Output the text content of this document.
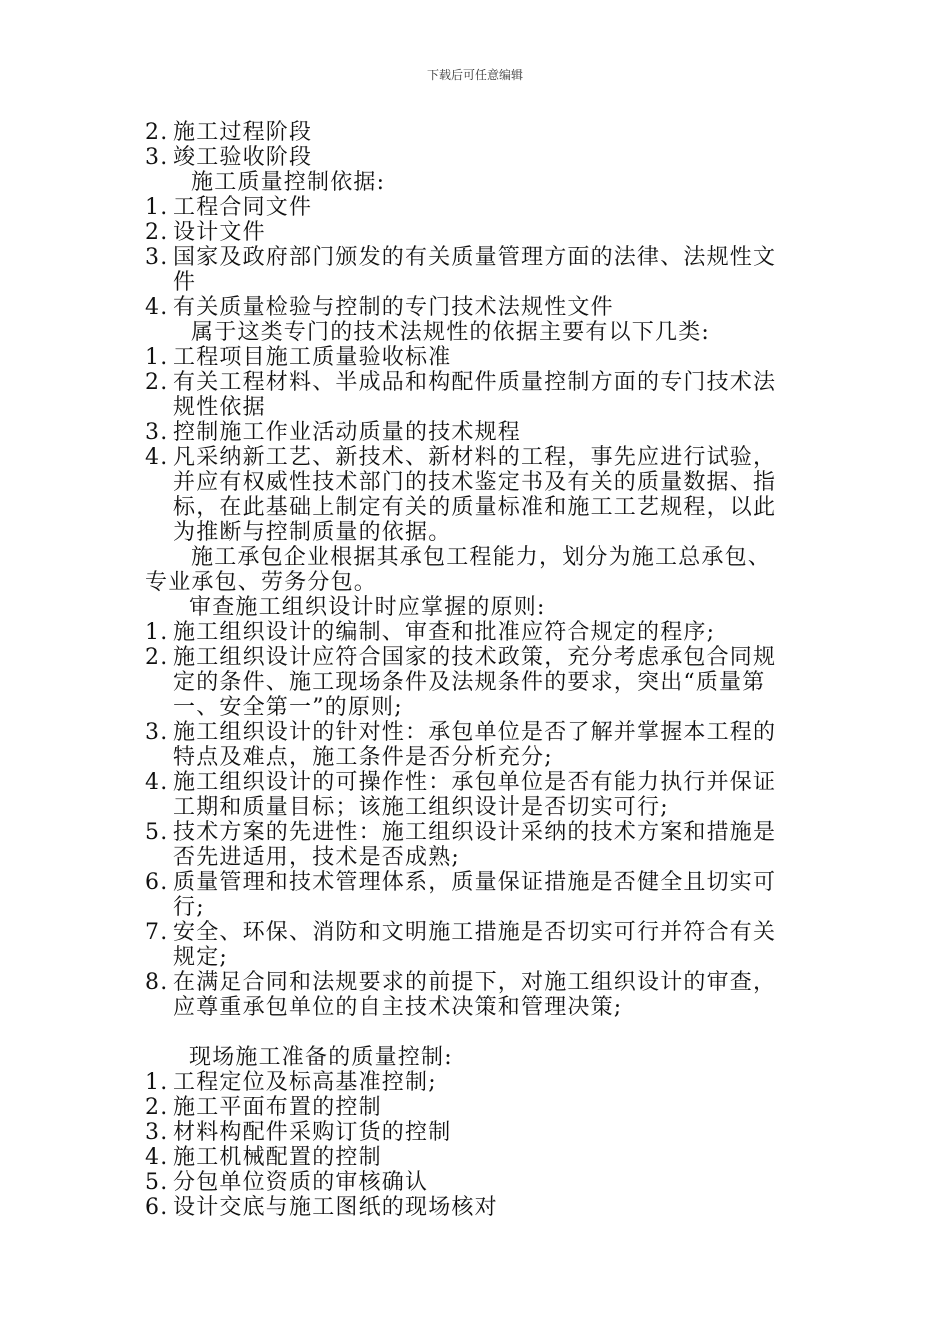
下载后可任意编辑
2. 施工过程阶段
3. 竣工验收阶段
施工质量控制依据:
1. 工程合同文件
2. 设计文件
3. 国家及政府部门颁发的有关质量管理方面的法律、法规性文
件
4. 有关质量检验与控制的专门技术法规性文件
属于这类专门的技术法规性的依据主要有以下几类:
1. 工程项目施工质量验收标准
2. 有关工程材料、半成品和构配件质量控制方面的专门技术法
规性依据
3. 控制施工作业活动质量的技术规程
4. 凡采纳新工艺、新技术、新材料的工程，事先应进行试验，
并应有权威性技术部门的技术鉴定书及有关的质量数据、指
标，在此基础上制定有关的质量标准和施工工艺规程，以此
为推断与控制质量的依据。
施工承包企业根据其承包工程能力，划分为施工总承包、
专业承包、劳务分包。
审查施工组织设计时应掌握的原则:
1. 施工组织设计的编制、审查和批准应符合规定的程序;
2. 施工组织设计应符合国家的技术政策，充分考虑承包合同规
定的条件、施工现场条件及法规条件的要求，突出“质量第
一、安全第一”的原则;
3. 施工组织设计的针对性：承包单位是否了解并掌握本工程的
特点及难点，施工条件是否分析充分;
4. 施工组织设计的可操作性：承包单位是否有能力执行并保证
工期和质量目标；该施工组织设计是否切实可行;
5. 技术方案的先进性：施工组织设计采纳的技术方案和措施是
否先进适用，技术是否成熟;
6. 质量管理和技术管理体系，质量保证措施是否健全且切实可
行;
7. 安全、环保、消防和文明施工措施是否切实可行并符合有关
规定;
8. 在满足合同和法规要求的前提下，对施工组织设计的审查，
应尊重承包单位的自主技术决策和管理决策;
现场施工准备的质量控制:
1. 工程定位及标高基准控制;
2. 施工平面布置的控制
3. 材料构配件采购订货的控制
4. 施工机械配置的控制
5. 分包单位资质的审核确认
6. 设计交底与施工图纸的现场核对
